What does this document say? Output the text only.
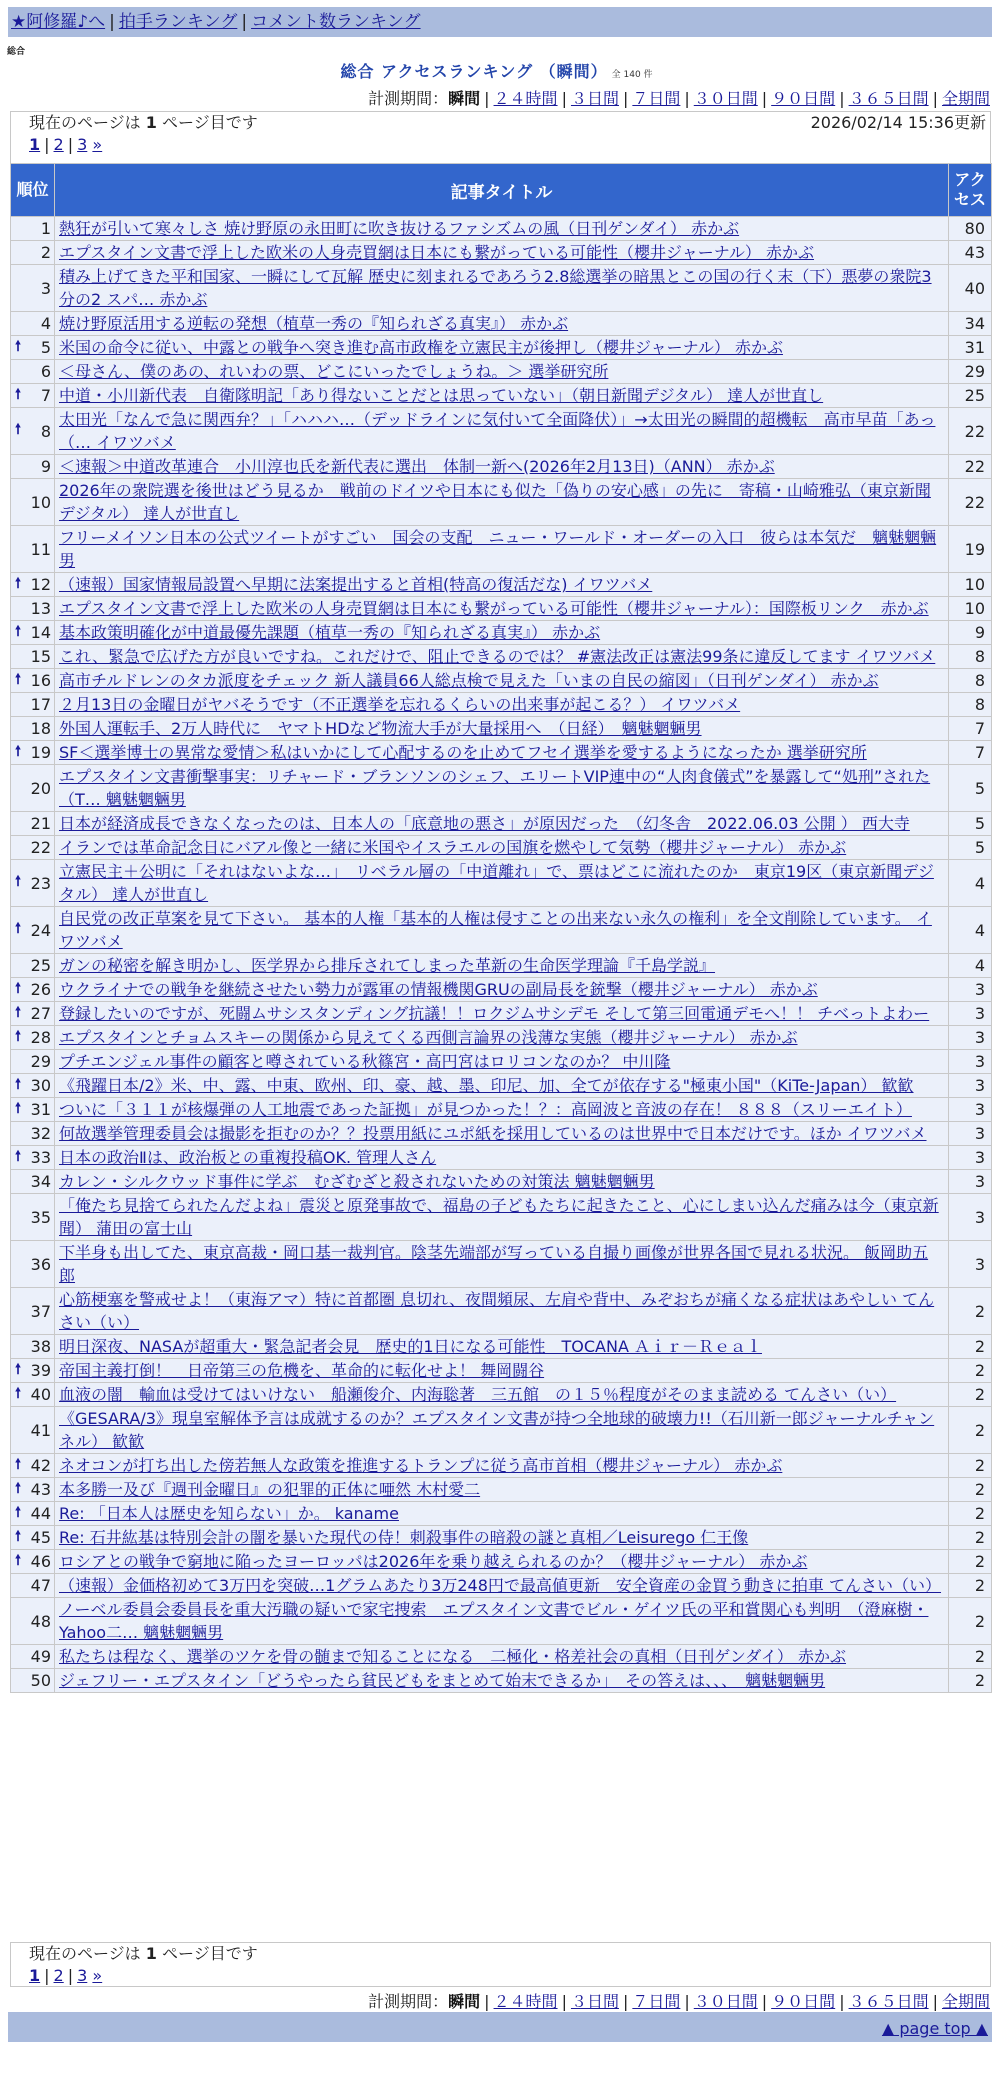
★阿修羅♪へ | 拍手ランキング | コメント数ランキング
総合
総合 アクセスランキング （瞬間） 全 140 件
計測期間：瞬間 | ２４時間 | ３日間 | ７日間 | ３０日間 | ９０日間 | ３６５日間 | 全期間
現在のページは 1 ページ目です	2026/02/14 15:36更新
1 | 2 | 3 »
順位	記事タイトル	アクセス
1	熱狂が引いて寒々しさ 焼け野原の永田町に吹き抜けるファシズムの風（日刊ゲンダイ） 赤かぶ	80
2	エプスタイン文書で浮上した欧米の人身売買網は日本にも繋がっている可能性（櫻井ジャーナル） 赤かぶ	43
3	積み上げてきた平和国家、一瞬にして瓦解 歴史に刻まれるであろう2.8総選挙の暗黒とこの国の行く末（下）悪夢の衆院3分の2 スパ… 赤かぶ	40
4	焼け野原活用する逆転の発想（植草一秀の『知られざる真実』） 赤かぶ	34

🠕 5	米国の命令に従い、中露との戦争へ突き進む高市政権を立憲民主が後押し（櫻井ジャーナル） 赤かぶ	31
6	＜母さん、僕のあの、れいわの票、どこにいったでしょうね。＞ 選挙研究所	29

🠕 7	中道・小川新代表　自衛隊明記「あり得ないことだとは思っていない」（朝日新聞デジタル） 達人が世直し	25

🠕 8	太田光「なんで急に関西弁？」「ハハハ…（デッドラインに気付いて全面降伏）」→太田光の瞬間的超機転　高市早苗「あっ（… イワツバメ	22
9	＜速報＞中道改革連合　小川淳也氏を新代表に選出　体制一新へ(2026年2月13日)（ANN） 赤かぶ	22
10	2026年の衆院選を後世はどう見るか　戦前のドイツや日本にも似た「偽りの安心感」の先に　寄稿・山崎雅弘（東京新聞デジタル） 達人が世直し	22
11	フリーメイソン日本の公式ツイートがすごい　国会の支配　ニュー・ワールド・オーダーの入口　彼らは本気だ　魑魅魍魎男	19

🠕 12	（速報）国家情報局設置へ早期に法案提出すると首相(特高の復活だな) イワツバメ	10
13	エプスタイン文書で浮上した欧米の人身売買網は日本にも繋がっている可能性（櫻井ジャーナル）：国際板リンク　赤かぶ	10

🠕 14	基本政策明確化が中道最優先課題（植草一秀の『知られざる真実』） 赤かぶ	9
15	これ、緊急で広げた方が良いですね。これだけで、阻止できるのでは？ #憲法改正は憲法99条に違反してます イワツバメ	8

🠕 16	高市チルドレンのタカ派度をチェック 新人議員66人総点検で見えた「いまの自民の縮図」（日刊ゲンダイ） 赤かぶ	8
17	２月13日の金曜日がヤバそうです（不正選挙を忘れるくらいの出来事が起こる？） イワツバメ	8
18	外国人運転手、2万人時代に　ヤマトHDなど物流大手が大量採用へ　（日経）　魑魅魍魎男	7

🠕 19	SF＜選挙博士の異常な愛情＞私はいかにして心配するのを止めてフセイ選挙を愛するようになったか 選挙研究所	7
20	エプスタイン文書衝撃事実：リチャード・ブランソンのシェフ、エリートVIP連中の“人肉食儀式”を暴露して“処刑”された（T… 魑魅魍魎男	5
21	日本が経済成長できなくなったのは、日本人の「底意地の悪さ」が原因だった　（幻冬舎　2022.06.03 公開 ） 西大寺	5
22	イランでは革命記念日にバアル像と一緒に米国やイスラエルの国旗を燃やして気勢（櫻井ジャーナル） 赤かぶ	5

🠕 23	立憲民主＋公明に「それはないよな…」　リベラル層の「中道離れ」で、票はどこに流れたのか　東京19区（東京新聞デジタル） 達人が世直し	4

🠕 24	自民党の改正草案を見て下さい。 基本的人権「基本的人権は侵すことの出来ない永久の権利」を全文削除しています。 イワツバメ	4
25	ガンの秘密を解き明かし、医学界から排斥されてしまった革新の生命医学理論『千島学説』	4

🠕 26	ウクライナでの戦争を継続させたい勢力が露軍の情報機関GRUの副局長を銃撃（櫻井ジャーナル） 赤かぶ	3

🠕 27	登録したいのですが、死闘ムサシスタンディング抗議！！ロクジムサシデモ そして第三回電通デモへ！！ チベっトよわー	3

🠕 28	エプスタインとチョムスキーの関係から見えてくる西側言論界の浅薄な実態（櫻井ジャーナル） 赤かぶ	3
29	プチエンジェル事件の顧客と噂されている秋篠宮・高円宮はロリコンなのか？ 中川隆	3

🠕 30	《飛躍日本/2》米、中、露、中東、欧州、印、豪、越、墨、印尼、加、全てが依存する"極東小国"（KiTe-Japan） 歓歓	3

🠕 31	ついに「３１１が核爆弾の人工地震であった証拠」が見つかった！？：高岡波と音波の存在！ ８８８（スリーエイト）	3
32	何故選挙管理委員会は撮影を拒むのか？？投票用紙にユポ紙を採用しているのは世界中で日本だけです。ほか イワツバメ	3

🠕 33	日本の政治Ⅱは、政治板との重複投稿OK. 管理人さん	3
34	カレン・シルクウッド事件に学ぶ　むざむざと殺されないための対策法 魑魅魍魎男	3
35	「俺たち見捨てられたんだよね」震災と原発事故で、福島の子どもたちに起きたこと、心にしまい込んだ痛みは今（東京新聞） 蒲田の富士山	3
36	下半身も出してた、東京高裁・岡口基一裁判官。陰茎先端部が写っている自撮り画像が世界各国で見れる状況。 飯岡助五郎	3
37	心筋梗塞を警戒せよ！（東海アマ）特に首都圏 息切れ、夜間頻尿、左肩や背中、みぞおちが痛くなる症状はあやしい てんさい（い）	2
38	明日深夜、NASAが超重大・緊急記者会見　歴史的1日になる可能性　TOCANA Ａｉｒ－Ｒｅａｌ	2

🠕 39	帝国主義打倒！　日帝第三の危機を、革命的に転化せよ！ 舞岡闘谷	2

🠕 40	血液の闇　輸血は受けてはいけない　船瀬俊介、内海聡著　三五館　の１５％程度がそのまま読める てんさい（い）	2
41	《GESARA/3》現皇室解体予言は成就するのか？エプスタイン文書が持つ全地球的破壊力!!（石川新一郎ジャーナルチャンネル） 歓歓	2

🠕 42	ネオコンが打ち出した傍若無人な政策を推進するトランプに従う高市首相（櫻井ジャーナル） 赤かぶ	2

🠕 43	本多勝一及び『週刊金曜日』の犯罪的正体に唖然 木村愛二	2

🠕 44	Re: 「日本人は歴史を知らない」か。 kaname	2

🠕 45	Re: 石井紘基は特別会計の闇を暴いた現代の侍！刺殺事件の暗殺の謎と真相／Leisurego 仁王像	2

🠕 46	ロシアとの戦争で窮地に陥ったヨーロッパは2026年を乗り越えられるのか？（櫻井ジャーナル） 赤かぶ	2
47	（速報）金価格初めて3万円を突破…1グラムあたり3万248円で最高値更新　安全資産の金買う動きに拍車 てんさい（い）	2
48	ノーベル委員会委員長を重大汚職の疑いで家宅捜索　エプスタイン文書でビル・ゲイツ氏の平和賞関心も判明　（澄麻樹・Yahoo二… 魑魅魍魎男	2
49	私たちは程なく、選挙のツケを骨の髄まで知ることになる　二極化・格差社会の真相（日刊ゲンダイ） 赤かぶ	2
50	ジェフリー・エプスタイン「どうやったら貧民どもをまとめて始末できるか」　その答えは、、、　魑魅魍魎男	2
現在のページは 1 ページ目です
1 | 2 | 3 »
計測期間：瞬間 | ２４時間 | ３日間 | ７日間 | ３０日間 | ９０日間 | ３６５日間 | 全期間
▲ page top ▲
